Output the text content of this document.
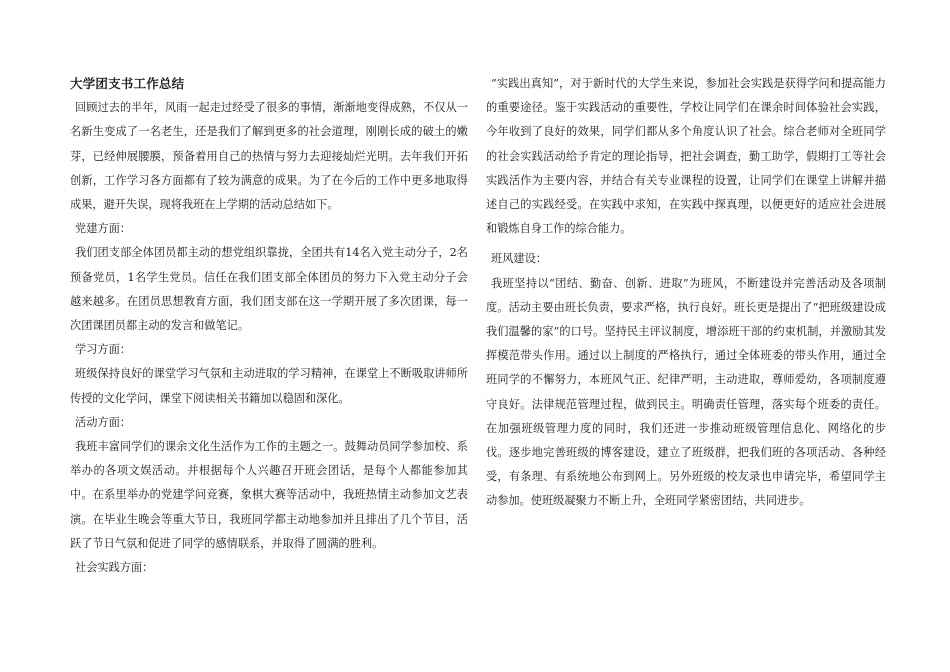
大学团支书工作总结

回顾过去的半年，风雨一起走过经受了很多的事情，渐渐地变得成熟，不仅从一名新生变成了一名老生，还是我们了解到更多的社会道理，刚刚长成的破土的嫩芽，已经伸展腰膜，预备着用自己的热情与努力去迎接灿烂光明。去年我们开拓创新，工作学习各方面都有了较为满意的成果。为了在今后的工作中更多地取得成果，避开失误，现将我班在上学期的活动总结如下。

党建方面：

我们团支部全体团员都主动的想党组织靠拢，全团共有14名入党主动分子，2名预备党员，1名学生党员。信任在我们团支部全体团员的努力下入党主动分子会越来越多。在团员思想教育方面，我们团支部在这一学期开展了多次团课，每一次团课团员都主动的发言和做笔记。

学习方面：

班级保持良好的课堂学习气氛和主动进取的学习精神，在课堂上不断吸取讲师所传授的文化学问，课堂下阅读相关书籍加以稳固和深化。

活动方面：

我班丰富同学们的课余文化生活作为工作的主题之一。鼓舞动员同学参加校、系举办的各项文娱活动。并根据每个人兴趣召开班会团话，是每个人都能参加其中。在系里举办的党建学问竞赛，象棋大赛等活动中，我班热情主动参加文艺表演。在毕业生晚会等重大节日，我班同学都主动地参加并且排出了几个节目，活跃了节日气氛和促进了同学的感情联系，并取得了圆满的胜利。

社会实践方面：

“实践出真知”，对于新时代的大学生来说，参加社会实践是获得学问和提高能力的重要途径。鉴于实践活动的重要性，学校让同学们在课余时间体验社会实践，今年收到了良好的效果，同学们都从多个角度认识了社会。综合老师对全班同学的社会实践活动给予肯定的理论指导，把社会调查，勤工助学，假期打工等社会实践活作为主要内容，并结合有关专业课程的设置，让同学们在课堂上讲解并描述自己的实践经受。在实践中求知，在实践中探真理，以便更好的适应社会进展和锻炼自身工作的综合能力。

班风建设：

我班坚持以“团结、勤奋、创新、进取”为班风，不断建设并完善活动及各项制度。活动主要由班长负责，要求严格，执行良好。班长更是提出了“把班级建设成我们温馨的家”的口号。坚持民主评议制度，增添班干部的约束机制，并激励其发挥模范带头作用。通过以上制度的严格执行，通过全体班委的带头作用，通过全班同学的不懈努力，本班风气正、纪律严明，主动进取，尊师爱幼，各项制度遵守良好。法律规范管理过程，做到民主。明确责任管理，落实每个班委的责任。在加强班级管理力度的同时，我们还进一步推动班级管理信息化、网络化的步伐。逐步地完善班级的博客建设，建立了班级群，把我们班的各项活动、各种经受，有条理、有系统地公布到网上。另外班级的校友录也申请完毕，希望同学主动参加。使班级凝聚力不断上升，全班同学紧密团结，共同进步。
